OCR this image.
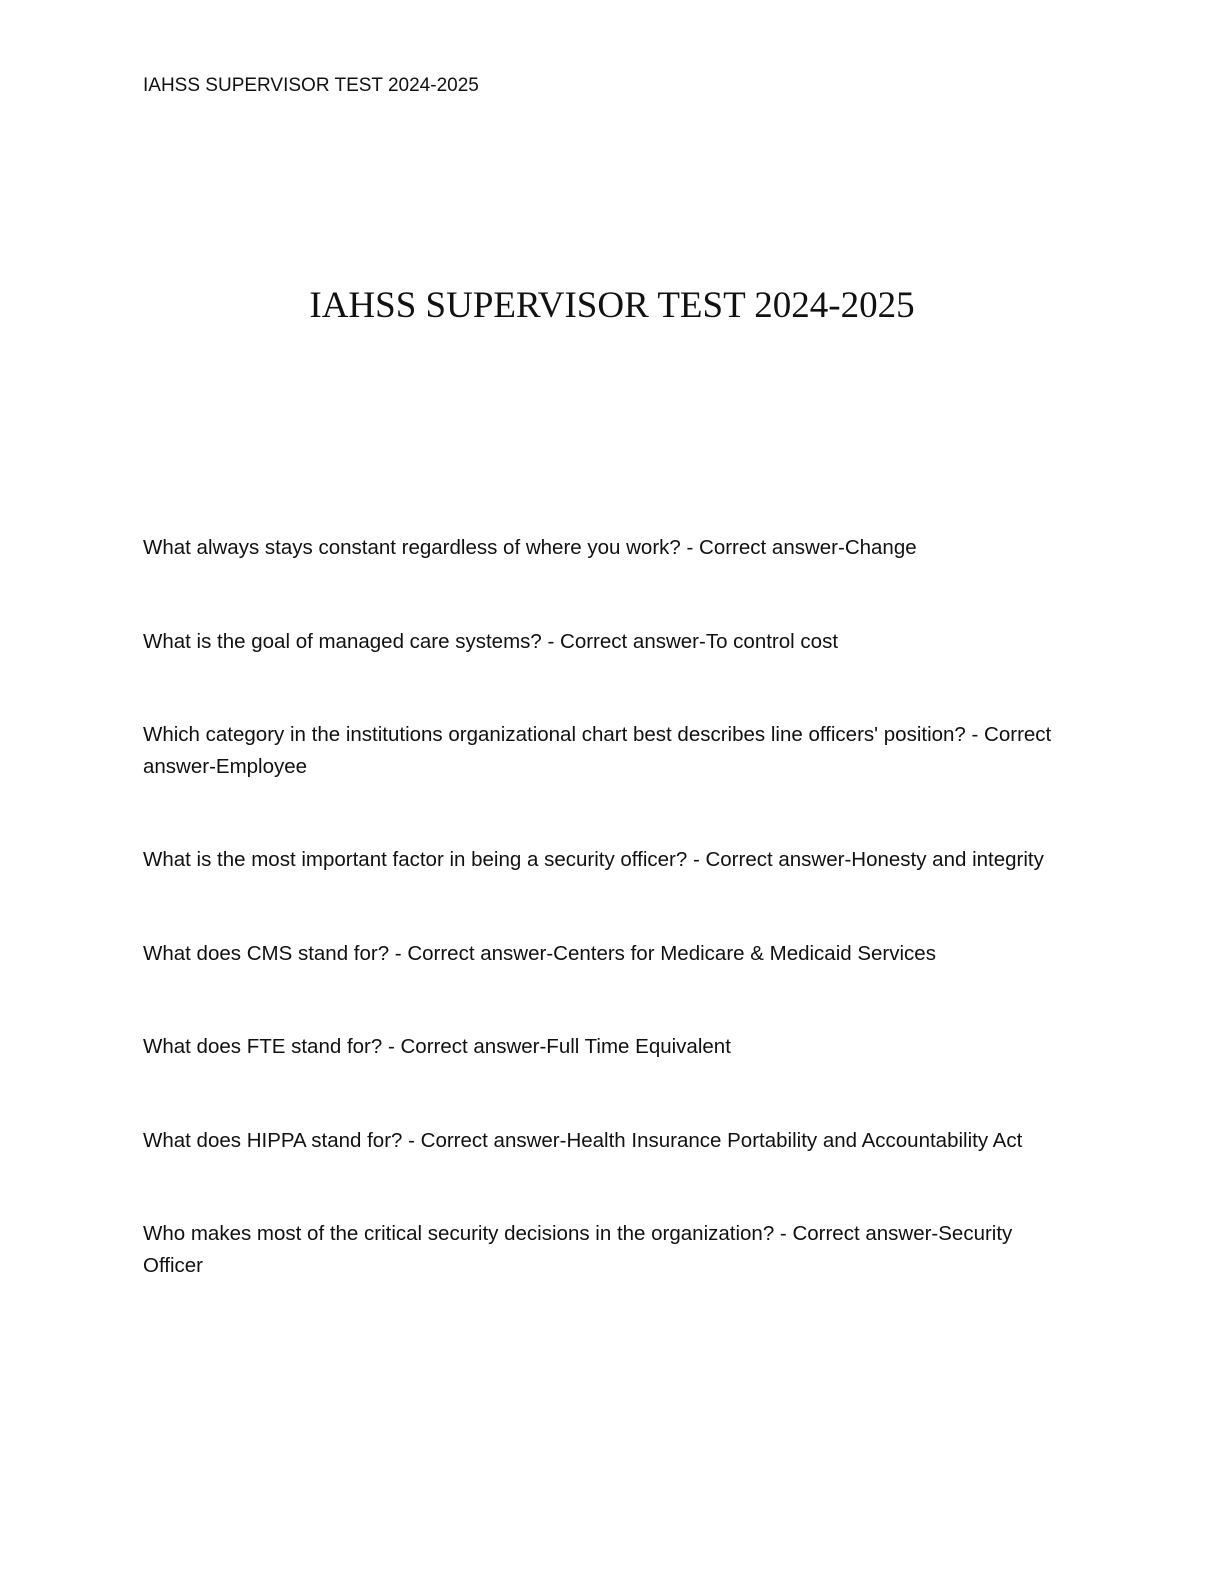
IAHSS SUPERVISOR TEST 2024-2025
IAHSS SUPERVISOR TEST 2024-2025
What always stays constant regardless of where you work? - Correct answer-Change
What is the goal of managed care systems? - Correct answer-To control cost
Which category in the institutions organizational chart best describes line officers' position? - Correct answer-Employee
What is the most important factor in being a security officer? - Correct answer-Honesty and integrity
What does CMS stand for? - Correct answer-Centers for Medicare & Medicaid Services
What does FTE stand for? - Correct answer-Full Time Equivalent
What does HIPPA stand for? - Correct answer-Health Insurance Portability and Accountability Act
Who makes most of the critical security decisions in the organization? - Correct answer-Security Officer
